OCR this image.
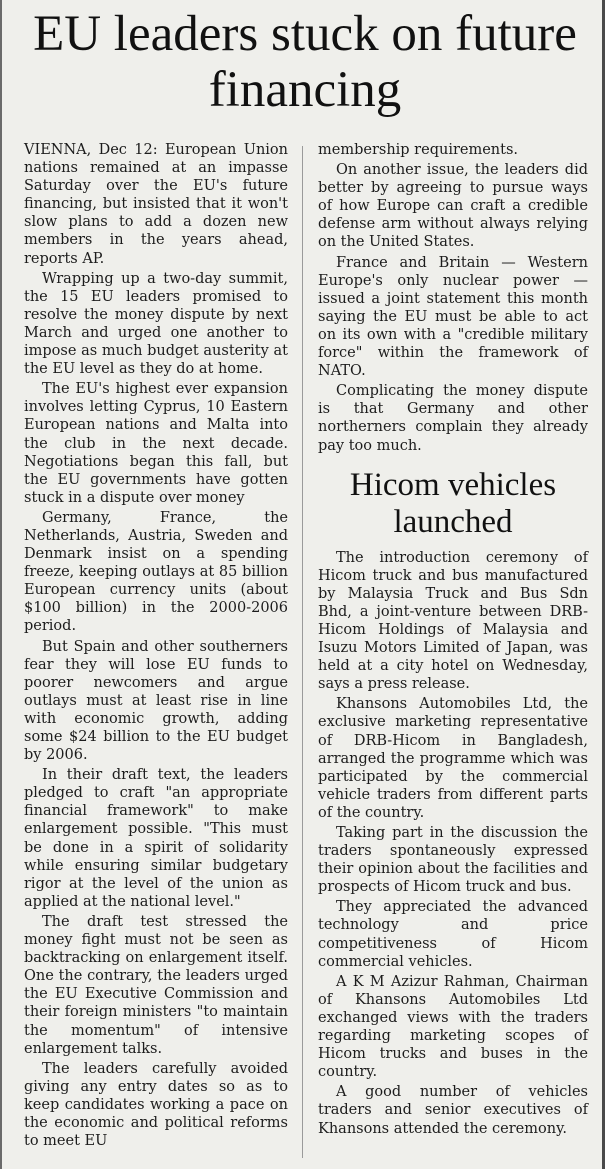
EU leaders stuck on future financing

VIENNA, Dec 12: European Union nations remained at an impasse Saturday over the EU's future financing, but insisted that it won't slow plans to add a dozen new members in the years ahead, reports AP.

Wrapping up a two-day summit, the 15 EU leaders promised to resolve the money dispute by next March and urged one another to impose as much budget austerity at the EU level as they do at home.

The EU's highest ever expansion involves letting Cyprus, 10 Eastern European nations and Malta into the club in the next decade. Negotiations began this fall, but the EU governments have gotten stuck in a dispute over money

Germany, France, the Netherlands, Austria, Sweden and Denmark insist on a spending freeze, keeping outlays at 85 billion European currency units (about $100 billion) in the 2000-2006 period.

But Spain and other southerners fear they will lose EU funds to poorer newcomers and argue outlays must at least rise in line with economic growth, adding some $24 billion to the EU budget by 2006.

In their draft text, the leaders pledged to craft "an appropriate financial framework" to make enlargement possible. "This must be done in a spirit of solidarity while ensuring similar budgetary rigor at the level of the union as applied at the national level."

The draft test stressed the money fight must not be seen as backtracking on enlargement itself. One the contrary, the leaders urged the EU Executive Commission and their foreign ministers "to maintain the momentum" of intensive enlargement talks.

The leaders carefully avoided giving any entry dates so as to keep candidates working a pace on the economic and political reforms to meet EU

membership requirements.

On another issue, the leaders did better by agreeing to pursue ways of how Europe can craft a credible defense arm without always relying on the United States.

France and Britain — Western Europe's only nuclear power — issued a joint statement this month saying the EU must be able to act on its own with a "credible military force" within the framework of NATO.

Complicating the money dispute is that Germany and other northerners complain they already pay too much.

Hicom vehicles launched

The introduction ceremony of Hicom truck and bus manufactured by Malaysia Truck and Bus Sdn Bhd, a joint-venture between DRB-Hicom Holdings of Malaysia and Isuzu Motors Limited of Japan, was held at a city hotel on Wednesday, says a press release.

Khansons Automobiles Ltd, the exclusive marketing representative of DRB-Hicom in Bangladesh, arranged the programme which was participated by the commercial vehicle traders from different parts of the country.

Taking part in the discussion the traders spontaneously expressed their opinion about the facilities and prospects of Hicom truck and bus.

They appreciated the advanced technology and price competitiveness of Hicom commercial vehicles.

A K M Azizur Rahman, Chairman of Khansons Automobiles Ltd exchanged views with the traders regarding marketing scopes of Hicom trucks and buses in the country.

A good number of vehicles traders and senior executives of Khansons attended the ceremony.
